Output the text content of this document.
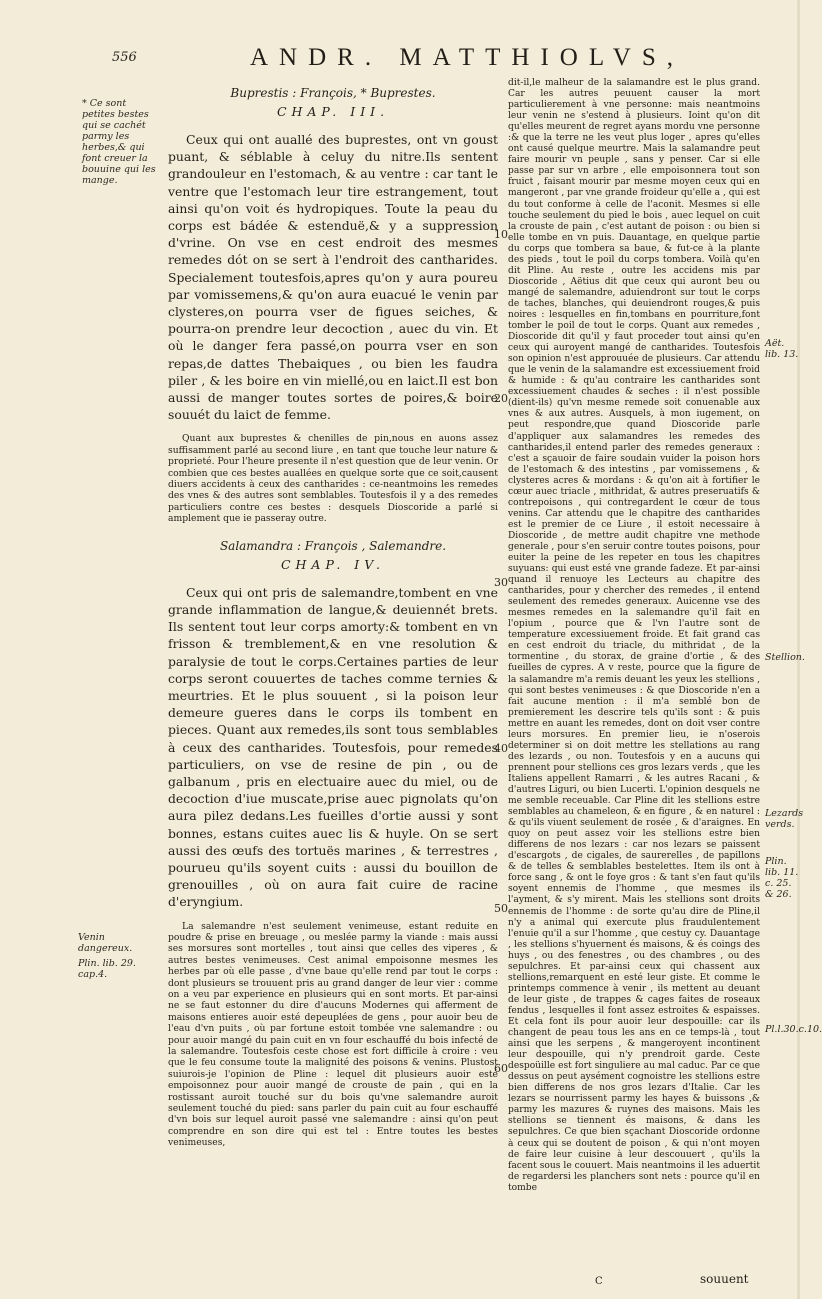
556	ANDR. MATTHIOLVS,
* Ce sont petites bestes qui se cachét parmy les herbes,& qui font creuer la bouuine qui les mange.
Venin dangereux.
Plin. lib. 29. cap.4.
10
20
30
40
50
60
Aët. lib. 13.
Stellion.
Lezards verds.
Plin. lib. 11. c. 25. & 26.
Pl.l.30.c.10.

Buprestis : François, * Buprestes.

CHAP. III.

Ceux qui ont auallé des buprestes, ont vn goust puant, & séblable à celuy du nitre.Ils sentent grandouleur en l'estomach, & au ventre : car tant le ventre que l'estomach leur tire estrangement, tout ainsi qu'on voit és hydropiques. Toute la peau du corps est bádée & estenduë,& y a suppression d'vrine. On vse en cest endroit des mesmes remedes dót on se sert à l'endroit des cantharides. Specialement toutesfois,apres qu'on y aura poureu par vomissemens,& qu'on aura euacué le venin par clysteres,on pourra vser de figues seiches, & pourra-on prendre leur decoction , auec du vin. Et où le danger fera passé,on pourra vser en son repas,de dattes Thebaiques , ou bien les faudra piler , & les boire en vin miellé,ou en laict.Il est bon aussi de manger toutes sortes de poires,& boire souuét du laict de femme.

Quant aux buprestes & chenilles de pin,nous en auons assez suffisamment parlé au second liure , en tant que touche leur nature & proprieté. Pour l'heure presente il n'est question que de leur venin. Or combien que ces bestes auallées en quelque sorte que ce soit,causent diuers accidents à ceux des cantharides : ce-neantmoins les remedes des vnes & des autres sont semblables. Toutesfois il y a des remedes particuliers contre ces bestes : desquels Dioscoride a parlé si amplement que ie passeray outre.

Salamandra : François , Salemandre.

CHAP. IV.

Ceux qui ont pris de salemandre,tombent en vne grande inflammation de langue,& deuiennét brets. Ils sentent tout leur corps amorty:& tombent en vn frisson & tremblement,& en vne resolution & paralysie de tout le corps.Certaines parties de leur corps seront couuertes de taches comme ternies & meurtries. Et le plus souuent , si la poison leur demeure gueres dans le corps ils tombent en pieces. Quant aux remedes,ils sont tous semblables à ceux des cantharides. Toutesfois, pour remedes particuliers, on vse de resine de pin , ou de galbanum , pris en electuaire auec du miel, ou de decoction d'iue muscate,prise auec pignolats qu'on aura pilez dedans.Les fueilles d'ortie aussi y sont bonnes, estans cuites auec lis & huyle. On se sert aussi des œufs des tortuës marines , & terrestres , pourueu qu'ils soyent cuits : aussi du bouillon de grenouilles , où on aura fait cuire de racine d'eryngium.

La salemandre n'est seulement venimeuse, estant reduite en poudre & prise en breuage , ou meslée parmy la viande : mais aussi ses morsures sont mortelles , tout ainsi que celles des viperes , & autres bestes venimeuses. Cest animal empoisonne mesmes les herbes par où elle passe , d'vne baue qu'elle rend par tout le corps : dont plusieurs se trouuent pris au grand danger de leur vier : comme on a veu par experience en plusieurs qui en sont morts. Et par-ainsi ne se faut estonner du dire d'aucuns Modernes qui afferment de maisons entieres auoir esté depeuplées de gens , pour auoir beu de l'eau d'vn puits , où par fortune estoit tombée vne salemandre : ou pour auoir mangé du pain cuit en vn four eschauffé du bois infecté de la salemandre. Toutesfois ceste chose est fort difficile à croire : veu que le feu consume toute la malignité des poisons & venins. Plustost suiurois-je l'opinion de Pline : lequel dit plusieurs auoir esté empoisonnez pour auoir mangé de crouste de pain , qui en la rostissant auroit touché sur du bois qu'vne salemandre auroit seulement touché du pied: sans parler du pain cuit au four eschauffé d'vn bois sur lequel auroit passé vne salemandre : ainsi qu'on peut comprendre en son dire qui est tel : Entre toutes les bestes venimeuses,

dit-il,le malheur de la salamandre est le plus grand. Car les autres peuuent causer la mort particulierement à vne personne: mais neantmoins leur venin ne s'estend à plusieurs. Ioint qu'on dit qu'elles meurent de regret ayans mordu vne personne :& que la terre ne les veut plus loger , apres qu'elles ont causé quelque meurtre. Mais la salamandre peut faire mourir vn peuple , sans y penser. Car si elle passe par sur vn arbre , elle empoisonnera tout son fruict , faisant mourir par mesme moyen ceux qui en mangeront , par vne grande froideur qu'elle a , qui est du tout conforme à celle de l'aconit. Mesmes si elle touche seulement du pied le bois , auec lequel on cuit la crouste de pain , c'est autant de poison : ou bien si elle tombe en vn puis. Dauantage, en quelque partie du corps que tombera sa baue, & fut-ce à la plante des pieds , tout le poil du corps tombera. Voilà qu'en dit Pline. Au reste , outre les accidens mis par Dioscoride , Aëtius dit que ceux qui auront beu ou mangé de salemandre, aduiendront sur tout le corps de taches, blanches, qui deuiendront rouges,& puis noires : lesquelles en fin,tombans en pourriture,font tomber le poil de tout le corps. Quant aux remedes , Dioscoride dit qu'il y faut proceder tout ainsi qu'en ceux qui auroyent mangé de cantharides. Toutesfois son opinion n'est approuuée de plusieurs. Car attendu que le venin de la salamandre est excessiuement froid & humide : & qu'au contraire les cantharides sont excessiuement chaudes & seches : il n'est possible (dient-ils) qu'vn mesme remede soit conuenable aux vnes & aux autres. Ausquels, à mon iugement, on peut respondre,que quand Dioscoride parle d'appliquer aux salamandres les remedes des cantharides,il entend parler des remedes generaux : c'est a sçauoir de faire soudain vuider la poison hors de l'estomach & des intestins , par vomissemens , & clysteres acres & mordans : & qu'on ait à fortifier le cœur auec triacle , mithridat, & autres preseruatifs & contrepoisons , qui contregardent le cœur de tous venins. Car attendu que le chapitre des cantharides est le premier de ce Liure , il estoit necessaire à Dioscoride , de mettre audit chapitre vne methode generale , pour s'en seruir contre toutes poisons, pour euiter la peine de les repeter en tous les chapitres suyuans: qui eust esté vne grande fadeze. Et par-ainsi quand il renuoye les Lecteurs au chapitre des cantharides, pour y chercher des remedes , il entend seulement des remedes generaux. Auicenne vse des mesmes remedes en la salemandre qu'il fait en l'opium , pource que & l'vn l'autre sont de temperature excessiuement froide. Et fait grand cas en cest endroit du triacle, du mithridat , de la tormentine , du storax, de graine d'ortie , & des fueilles de cypres. A v reste, pource que la figure de la salamandre m'a remis deuant les yeux les stellions , qui sont bestes venimeuses : & que Dioscoride n'en a fait aucune mention : il m'a semblé bon de premierement les descrire tels qu'ils sont : & puis mettre en auant les remedes, dont on doit vser contre leurs morsures. En premier lieu, ie n'oserois determiner si on doit mettre les stellations au rang des lezards , ou non. Toutesfois y en a aucuns qui prennent pour stellions ces gros lezars verds , que les Italiens appellent Ramarri , & les autres Racani , & d'autres Liguri, ou bien Lucerti. L'opinion desquels ne me semble receuable. Car Pline dit les stellions estre semblables au chameleon, & en figure , & en naturel : & qu'ils viuent seulement de rosée , & d'araignes. En quoy on peut assez voir les stellions estre bien differens de nos lezars : car nos lezars se paissent d'escargots , de cigales, de saurerelles , de papillons & de telles & semblables bestelettes. Item ils ont à force sang , & ont le foye gros : & tant s'en faut qu'ils soyent ennemis de l'homme , que mesmes ils l'ayment, & s'y mirent. Mais les stellions sont droits ennemis de l'homme : de sorte qu'au dire de Pline,il n'y a animal qui exercute plus fraudulentement l'enuie qu'il a sur l'homme , que cestuy cy. Dauantage , les stellions s'hyuernent és maisons, & és coings des huys , ou des fenestres , ou des chambres , ou des sepulchres. Et par-ainsi ceux qui chassent aux stellions,remarquent en esté leur giste. Et comme le printemps commence à venir , ils mettent au deuant de leur giste , de trappes & cages faites de roseaux fendus , lesquelles il font assez estroites & espaisses. Et cela font ils pour auoir leur despouille: car ils changent de peau tous les ans en ce temps-là , tout ainsi que les serpens , & mangeroyent incontinent leur despouille, qui n'y prendroit garde. Ceste despoüille est fort singuliere au mal caduc. Par ce que dessus on peut aysément cognoistre les stellions estre bien differens de nos gros lezars d'Italie. Car les lezars se nourrissent parmy les hayes & buissons ,& parmy les mazures & ruynes des maisons. Mais les stellions se tiennent és maisons, & dans les sepulchres. Ce que bien sçachant Dioscoride ordonne à ceux qui se doutent de poison , & qui n'ont moyen de faire leur cuisine à leur descouuert , qu'ils la facent sous le couuert. Mais neantmoins il les aduertit de regardersi les planchers sont nets : pource qu'il en tombe

C	souuent
